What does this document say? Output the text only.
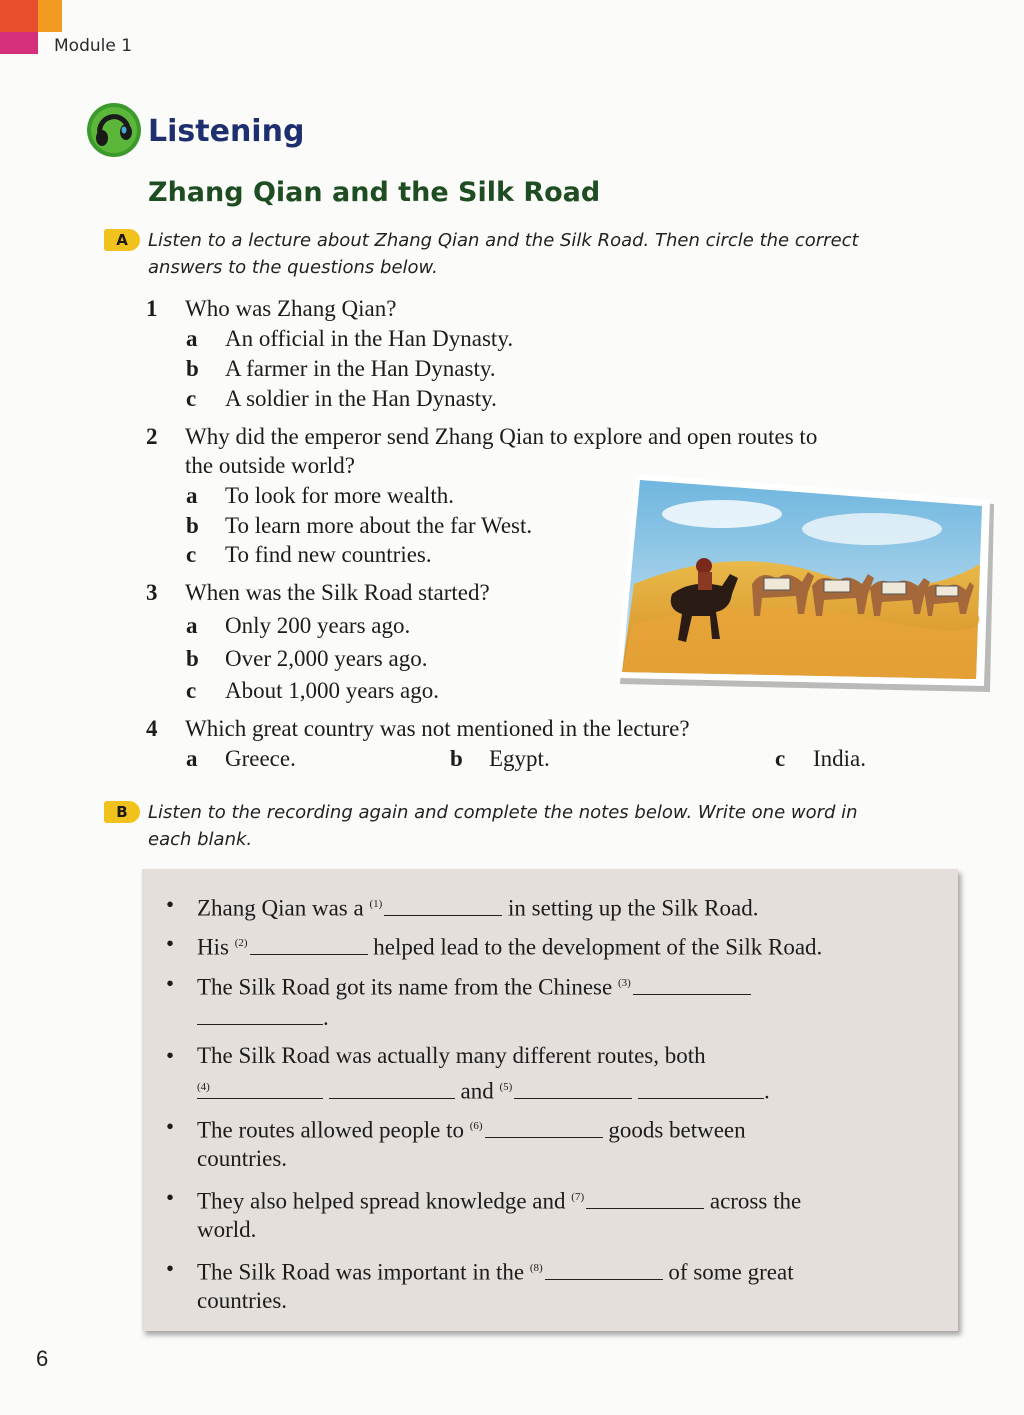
Module 1
Listening
Zhang Qian and the Silk Road
A	Listen to a lecture about Zhang Qian and the Silk Road. Then circle the correct
answers to the questions below.
1 Who was Zhang Qian?
a An official in the Han Dynasty.
b A farmer in the Han Dynasty.
c A soldier in the Han Dynasty.
2 Why did the emperor send Zhang Qian to explore and open routes to
the outside world?
a To look for more wealth.
b To learn more about the far West.
c To find new countries.
3 When was the Silk Road started?
a Only 200 years ago.
b Over 2,000 years ago.
c About 1,000 years ago.
4 Which great country was not mentioned in the lecture?
a Greece.	b Egypt.	c India.
B	Listen to the recording again and complete the notes below. Write one word in
each blank.
• Zhang Qian was a $^{(1)}$	in setting up the Silk Road.
• His $^{(2)}$	helped lead to the development of the Silk Road.
• The Silk Road got its name from the Chinese $^{(3)}$
.
• The Silk Road was actually many different routes, both
$^{(4)}$	and $^{(5)}$	.
• The routes allowed people to $^{(6)}$	goods between
countries.
• They also helped spread knowledge and $^{(7)}$	across the
world.
• The Silk Road was important in the $^{(8)}$	of some great
countries.
6
